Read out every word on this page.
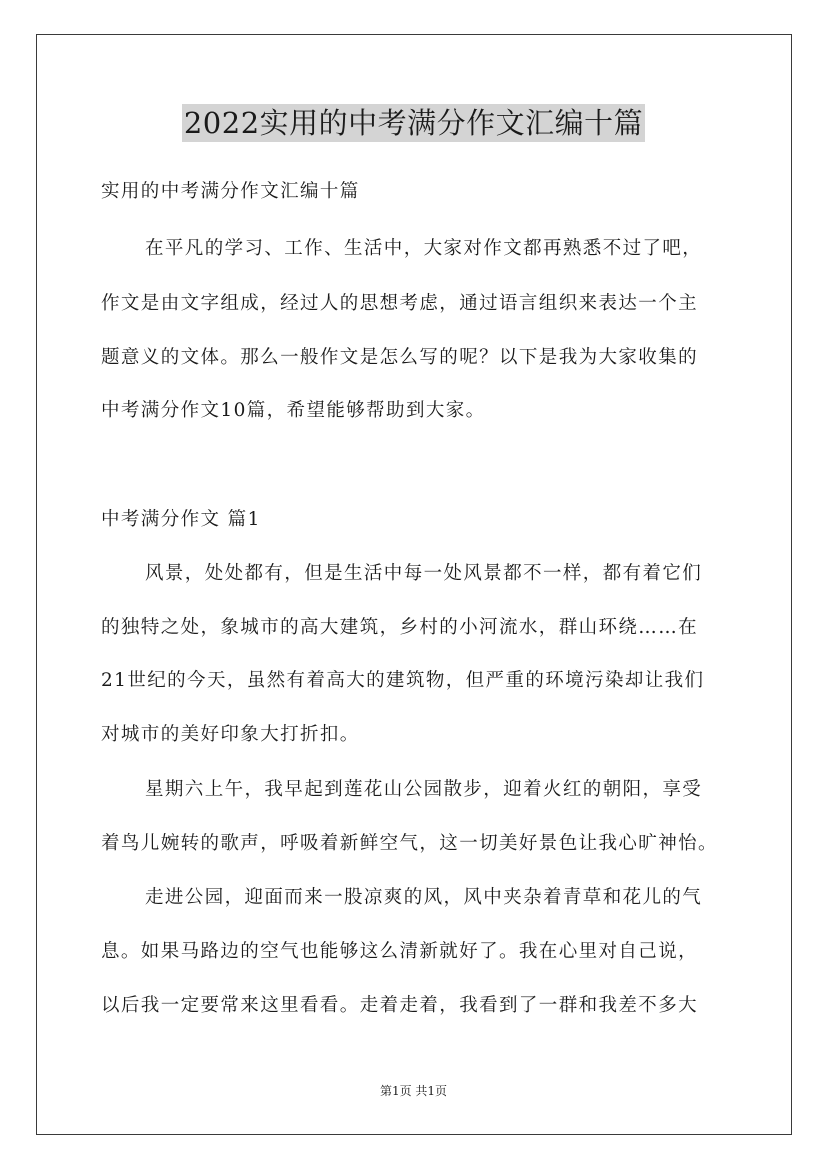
2022实用的中考满分作文汇编十篇
实用的中考满分作文汇编十篇
在平凡的学习、工作、生活中，大家对作文都再熟悉不过了吧，
作文是由文字组成，经过人的思想考虑，通过语言组织来表达一个主
题意义的文体。那么一般作文是怎么写的呢？以下是我为大家收集的
中考满分作文10篇，希望能够帮助到大家。
中考满分作文 篇1
风景，处处都有，但是生活中每一处风景都不一样，都有着它们
的独特之处，象城市的高大建筑，乡村的小河流水，群山环绕……在
21世纪的今天，虽然有着高大的建筑物，但严重的环境污染却让我们
对城市的美好印象大打折扣。
星期六上午，我早起到莲花山公园散步，迎着火红的朝阳，享受
着鸟儿婉转的歌声，呼吸着新鲜空气，这一切美好景色让我心旷神怡。
走进公园，迎面而来一股凉爽的风，风中夹杂着青草和花儿的气
息。如果马路边的空气也能够这么清新就好了。我在心里对自己说，
以后我一定要常来这里看看。走着走着，我看到了一群和我差不多大
第1页 共1页
